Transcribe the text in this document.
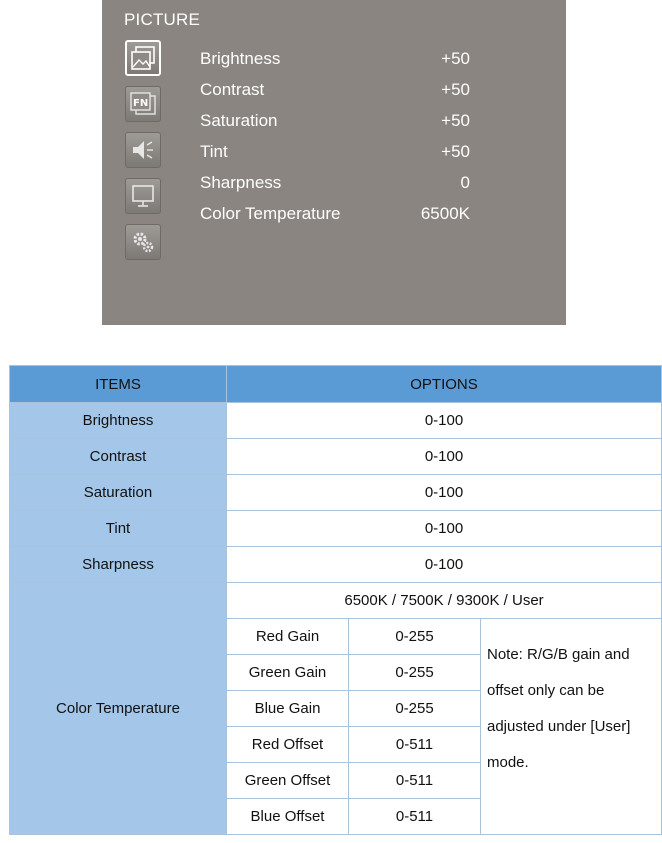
PICTURE
FN
Brightness	+50
Contrast	+50
Saturation	+50
Tint	+50
Sharpness	0
Color Temperature	6500K
ITEMS	OPTIONS		
Brightness	0-100		
Contrast	0-100		
Saturation	0-100		
Tint	0-100		
Sharpness	0-100		
Color Temperature	6500K / 7500K / 9300K / User		
	Red Gain	0-255	Note: R/G/B gain and offset only can be adjusted under [User] mode.
	Green Gain	0-255	
	Blue Gain	0-255	
	Red Offset	0-511	
	Green Offset	0-511	
	Blue Offset	0-511	
